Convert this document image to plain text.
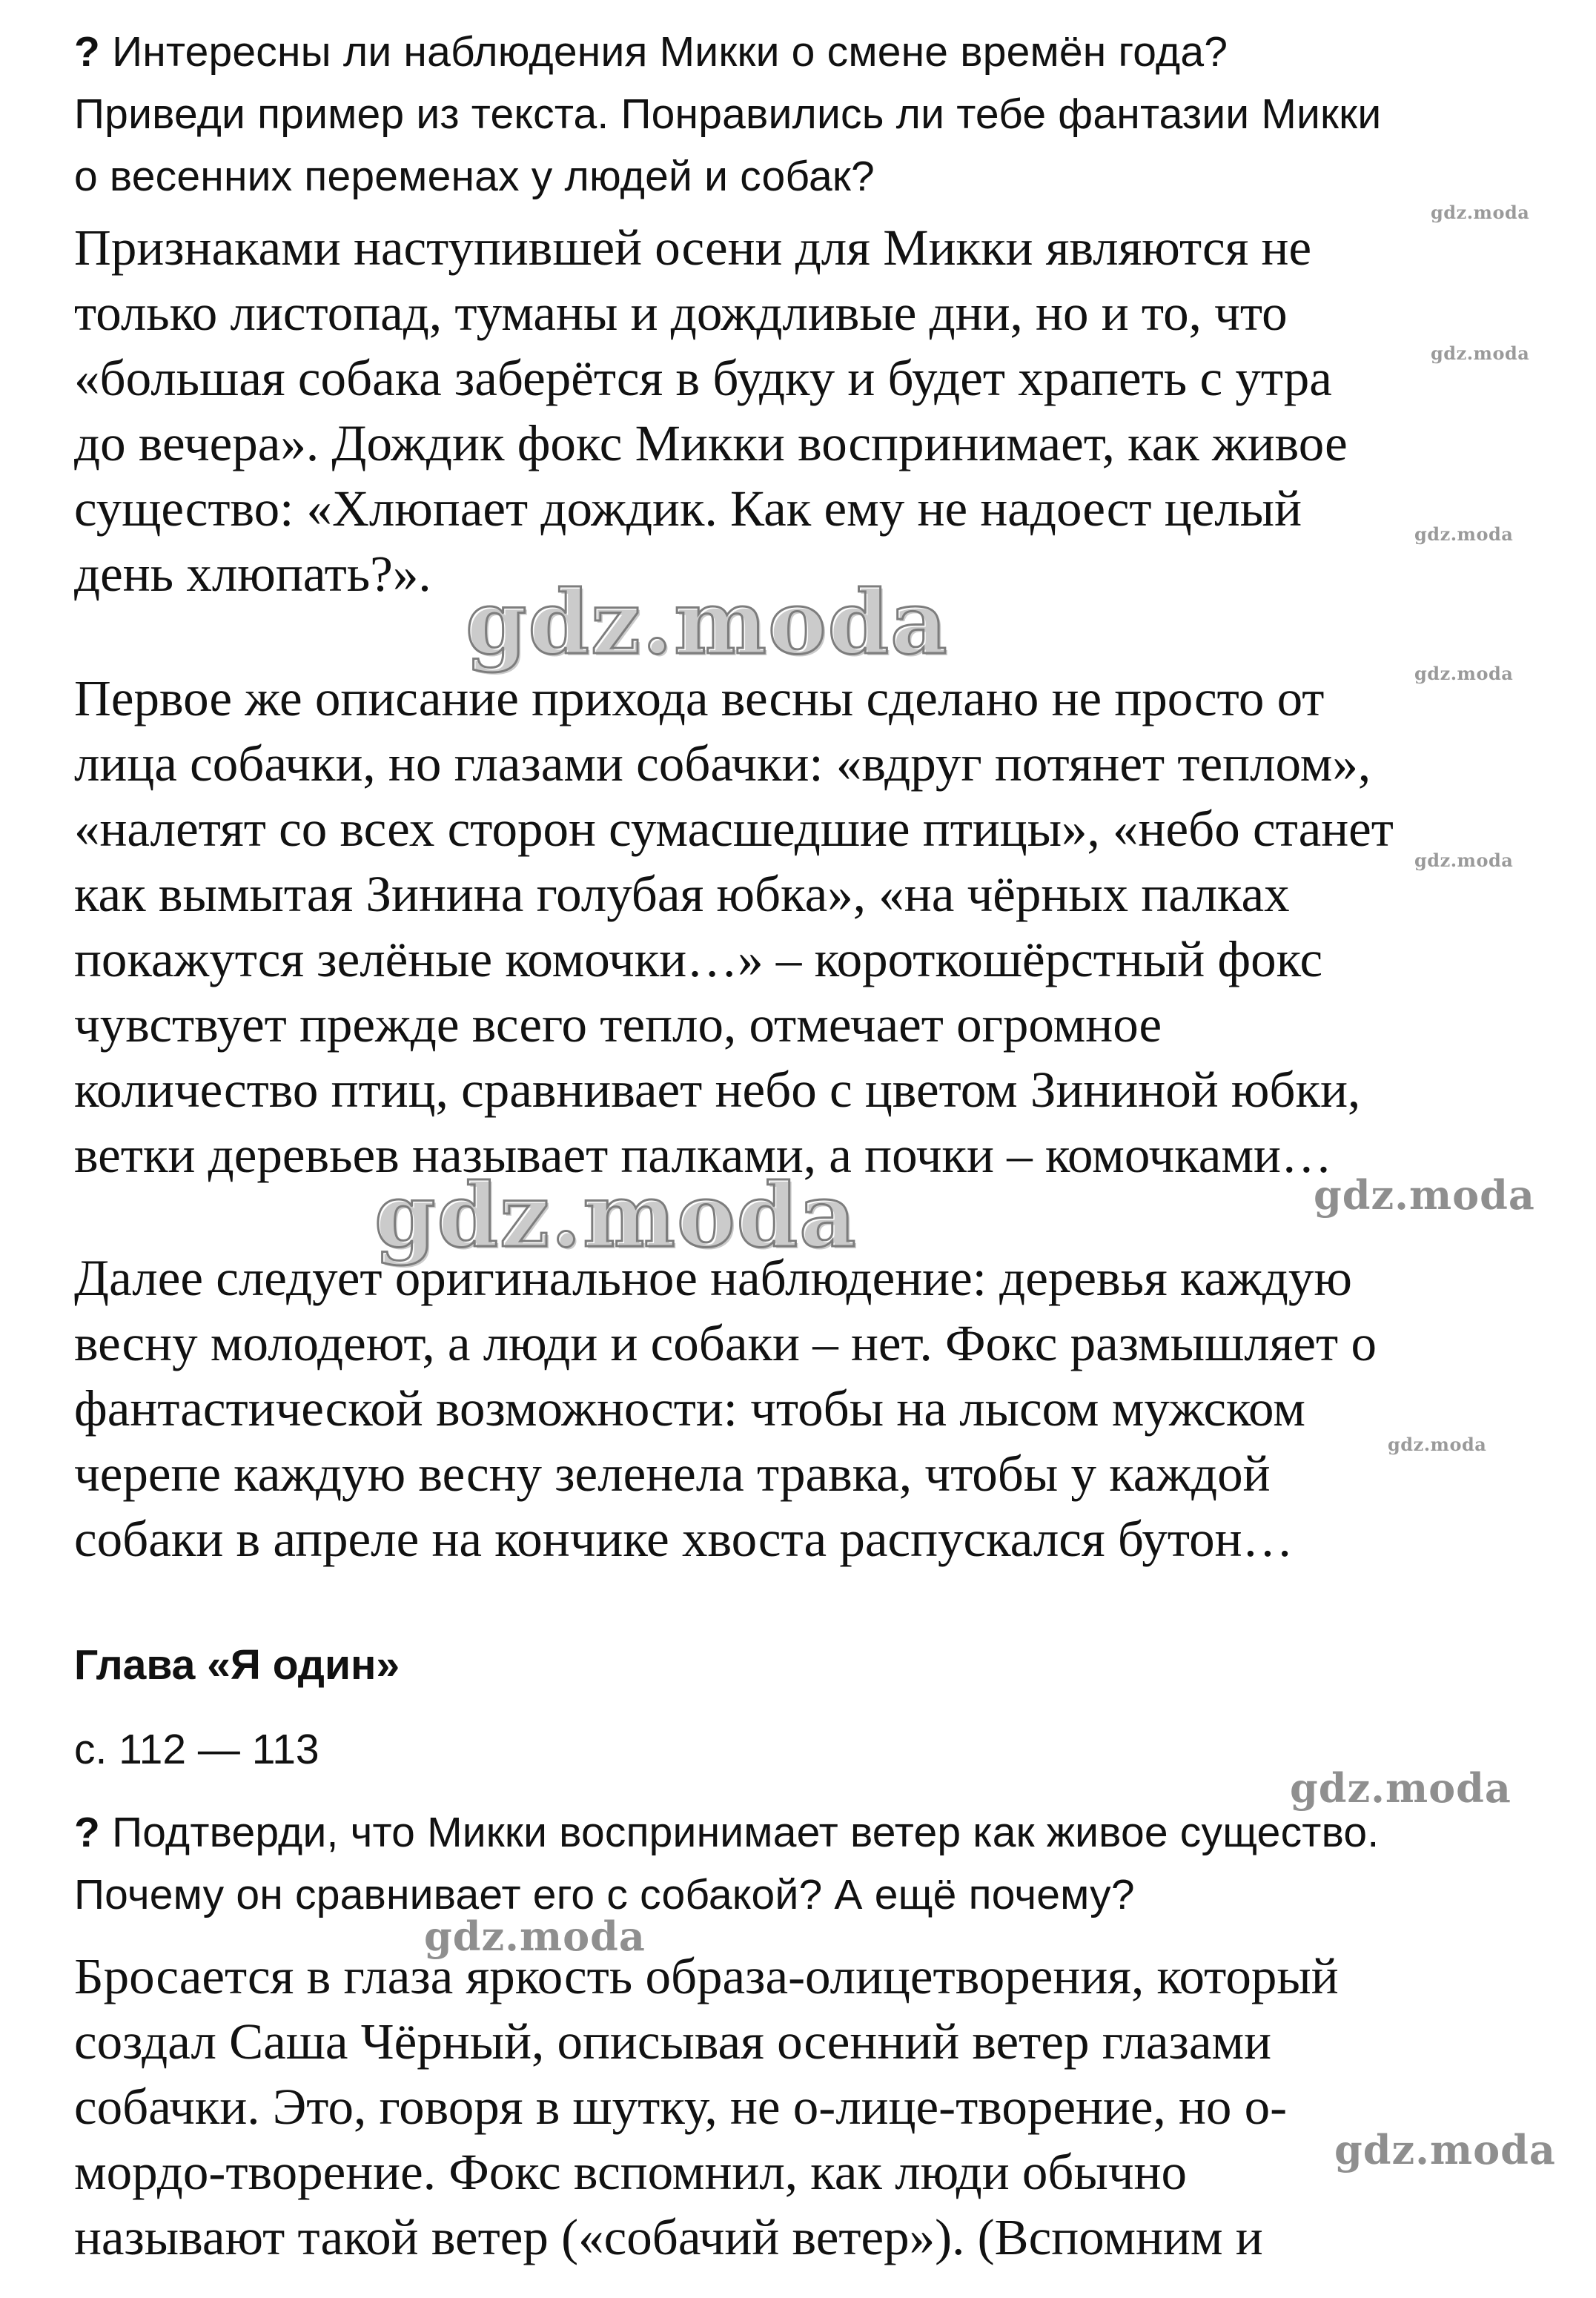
? Интересны ли наблюдения Микки о смене времён года?
Приведи пример из текста. Понравились ли тебе фантазии Микки
о весенних переменах у людей и собак?
Признаками наступившей осени для Микки являются не
только листопад, туманы и дождливые дни, но и то, что
«большая собака заберётся в будку и будет храпеть с утра
до вечера». Дождик фокс Микки воспринимает, как живое
существо: «Хлюпает дождик. Как ему не надоест целый
день хлюпать?».
Первое же описание прихода весны сделано не просто от
лица собачки, но глазами собачки: «вдруг потянет теплом»,
«налетят со всех сторон сумасшедшие птицы», «небо станет
как вымытая Зинина голубая юбка», «на чёрных палках
покажутся зелёные комочки…» – короткошёрстный фокс
чувствует прежде всего тепло, отмечает огромное
количество птиц, сравнивает небо с цветом Зининой юбки,
ветки деревьев называет палками, а почки – комочками…
Далее следует оригинальное наблюдение: деревья каждую
весну молодеют, а люди и собаки – нет. Фокс размышляет о
фантастической возможности: чтобы на лысом мужском
черепе каждую весну зеленела травка, чтобы у каждой
собаки в апреле на кончике хвоста распускался бутон…
Глава «Я один»
с. 112 — 113
? Подтверди, что Микки воспринимает ветер как живое существо.
Почему он сравнивает его с собакой? А ещё почему?
Бросается в глаза яркость образа-олицетворения, который
создал Саша Чёрный, описывая осенний ветер глазами
собачки. Это, говоря в шутку, не о-лице-творение, но о-
мордо-творение. Фокс вспомнил, как люди обычно
называют такой ветер («собачий ветер»). (Вспомним и
gdz.moda
gdz.moda
gdz.moda
gdz.moda
gdz.moda
gdz.moda
gdz.moda
gdz.moda	gdz.moda
gdz.moda
gdz.moda
gdz.moda
